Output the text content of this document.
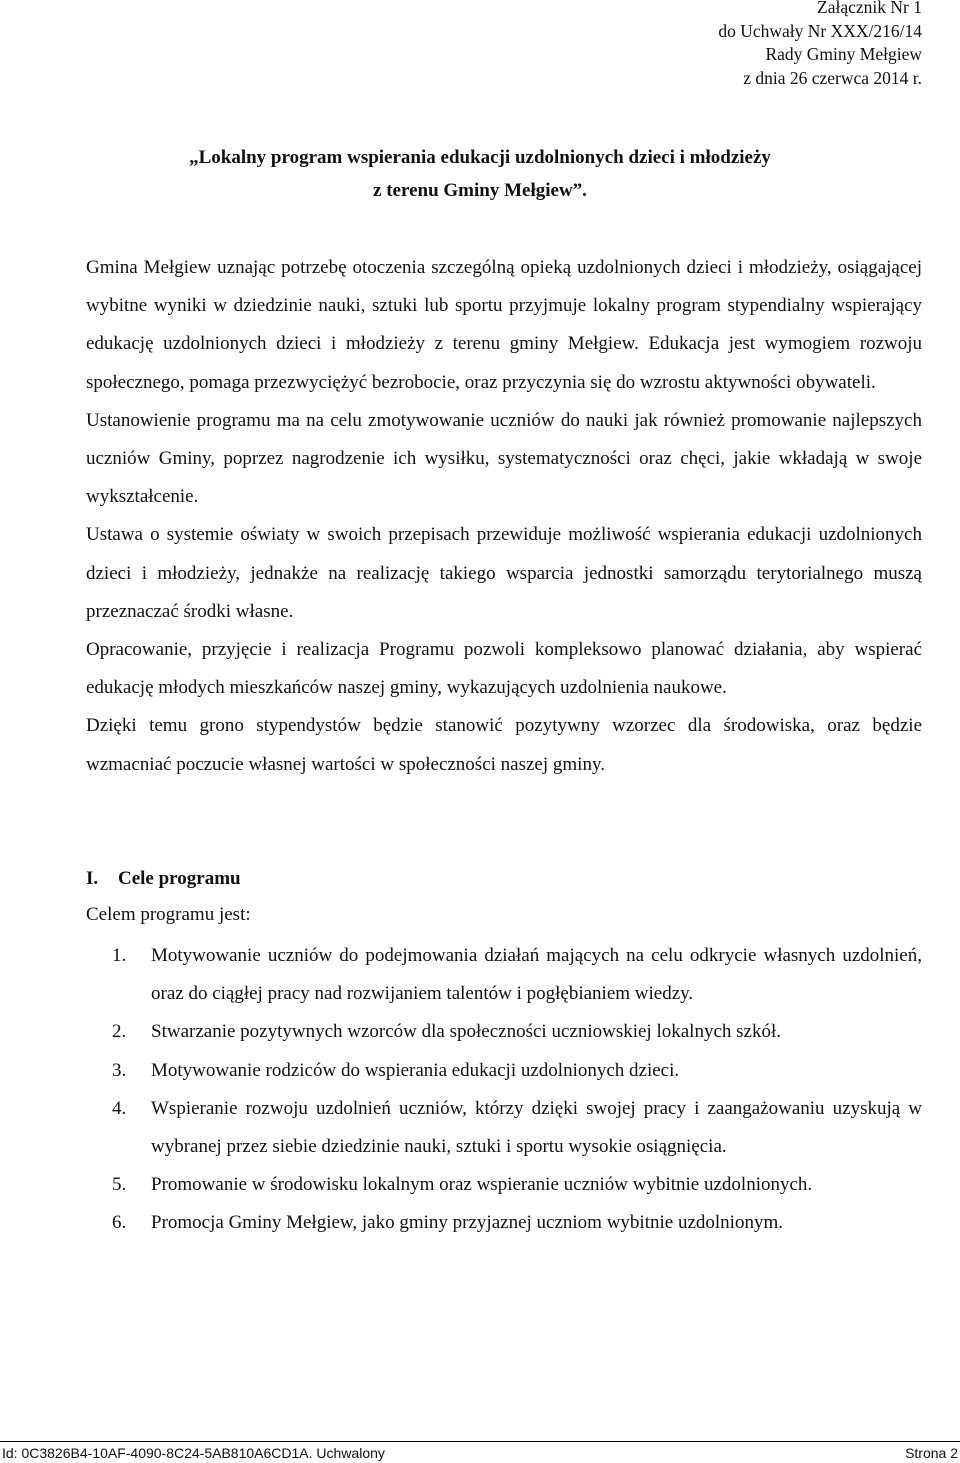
Załącznik Nr 1
do Uchwały Nr XXX/216/14
Rady Gminy Mełgiew
z dnia 26 czerwca 2014 r.
„Lokalny program wspierania edukacji uzdolnionych dzieci i młodzieży
z terenu Gminy Mełgiew”.

Gmina Mełgiew uznając potrzebę otoczenia szczególną opieką uzdolnionych dzieci i młodzieży, osiągającej wybitne wyniki w dziedzinie nauki, sztuki lub sportu przyjmuje lokalny program stypendialny wspierający edukację uzdolnionych dzieci i młodzieży z terenu gminy Mełgiew. Edukacja jest wymogiem rozwoju społecznego, pomaga przezwyciężyć bezrobocie, oraz przyczynia się do wzrostu aktywności obywateli.

Ustanowienie programu ma na celu zmotywowanie uczniów do nauki jak również promowanie najlepszych uczniów Gminy, poprzez nagrodzenie ich wysiłku, systematyczności oraz chęci, jakie wkładają w swoje wykształcenie.

Ustawa o systemie oświaty w swoich przepisach przewiduje możliwość wspierania edukacji uzdolnionych dzieci i młodzieży, jednakże na realizację takiego wsparcia jednostki samorządu terytorialnego muszą przeznaczać środki własne.

Opracowanie, przyjęcie i realizacja Programu pozwoli kompleksowo planować działania, aby wspierać edukację młodych mieszkańców naszej gminy, wykazujących uzdolnienia naukowe.

Dzięki temu grono stypendystów będzie stanowić pozytywny wzorzec dla środowiska, oraz będzie wzmacniać poczucie własnej wartości w społeczności naszej gminy.

I. Cele programu
Celem programu jest:
1.	Motywowanie uczniów do podejmowania działań mających na celu odkrycie własnych uzdolnień, oraz do ciągłej pracy nad rozwijaniem talentów i pogłębianiem wiedzy.
2.	Stwarzanie pozytywnych wzorców dla społeczności uczniowskiej lokalnych szkół.
3.	Motywowanie rodziców do wspierania edukacji uzdolnionych dzieci.
4.	Wspieranie rozwoju uzdolnień uczniów, którzy dzięki swojej pracy i zaangażowaniu uzyskują w wybranej przez siebie dziedzinie nauki, sztuki i sportu wysokie osiągnięcia.
5.	Promowanie w środowisku lokalnym oraz wspieranie uczniów wybitnie uzdolnionych.
6.	Promocja Gminy Mełgiew, jako gminy przyjaznej uczniom wybitnie uzdolnionym.
Id: 0C3826B4-10AF-4090-8C24-5AB810A6CD1A. Uchwalony	Strona 2
